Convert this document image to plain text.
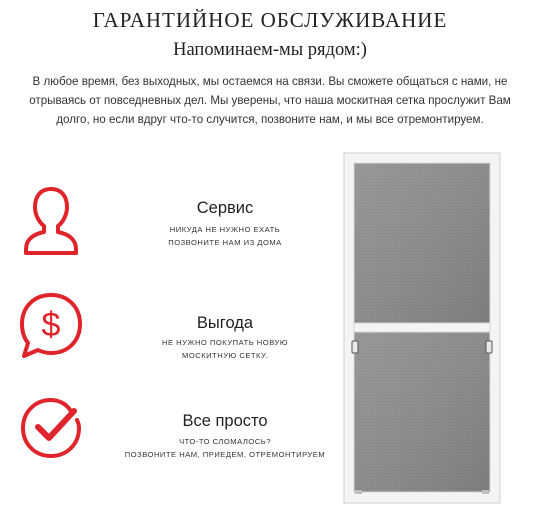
ГАРАНТИЙНОЕ ОБСЛУЖИВАНИЕ
Напоминаем-мы рядом:)
В любое время, без выходных, мы остаемся на связи. Вы сможете общаться с нами, не отрываясь от повседневных дел. Мы уверены, что наша москитная сетка прослужит Вам долго, но если вдруг что-то случится, позвоните нам, и мы все отремонтируем.
Сервис
НИКУДА НЕ НУЖНО ЕХАТЬ
ПОЗВОНИТЕ НАМ ИЗ ДОМА
$	Выгода
НЕ НУЖНО ПОКУПАТЬ НОВУЮ
МОСКИТНУЮ СЕТКУ.
Все просто
ЧТО-ТО СЛОМАЛОСЬ?
ПОЗВОНИТЕ НАМ, ПРИЕДЕМ, ОТРЕМОНТИРУЕМ
